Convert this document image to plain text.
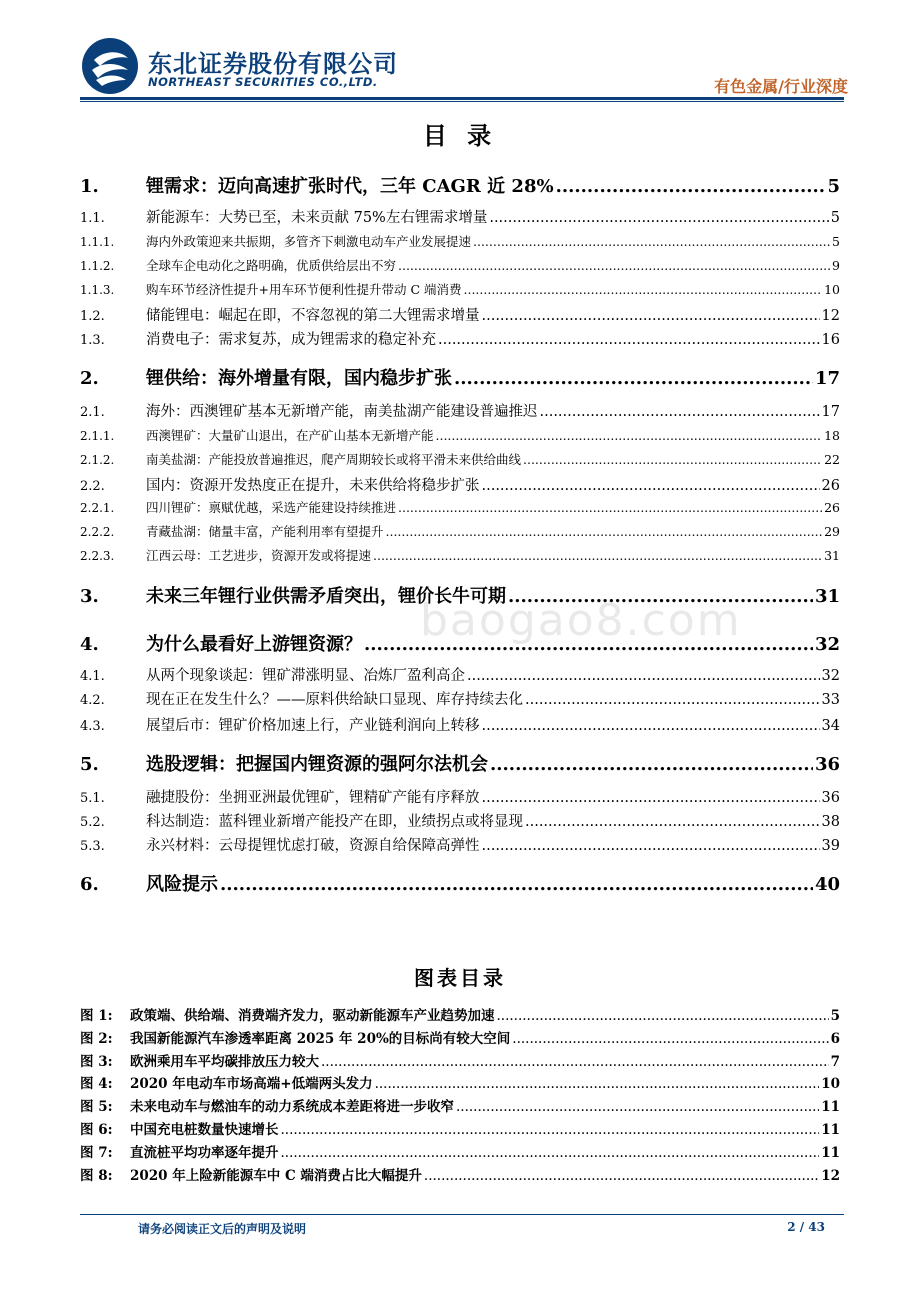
东北证券股份有限公司
NORTHEAST SECURITIES CO.,LTD.	有色金属/行业深度
目 录
1.	锂需求：迈向高速扩张时代，三年 CAGR 近 28% .....	5
1.1.	新能源车：大势已至，未来贡献 75%左右锂需求增量 .....	5
1.1.1.	海内外政策迎来共振期，多管齐下刺激电动车产业发展提速 .....	5
1.1.2.	全球车企电动化之路明确，优质供给层出不穷 .....	9
1.1.3.	购车环节经济性提升+用车环节便利性提升带动 C 端消费 .....	10
1.2.	储能锂电：崛起在即，不容忽视的第二大锂需求增量 .....	12
1.3.	消费电子：需求复苏，成为锂需求的稳定补充 .....	16
2.	锂供给：海外增量有限，国内稳步扩张 .....	17
2.1.	海外：西澳锂矿基本无新增产能，南美盐湖产能建设普遍推迟 .....	17
2.1.1.	西澳锂矿：大量矿山退出，在产矿山基本无新增产能 .....	18
2.1.2.	南美盐湖：产能投放普遍推迟，爬产周期较长或将平滑未来供给曲线 .....	22
2.2.	国内：资源开发热度正在提升，未来供给将稳步扩张 .....	26
2.2.1.	四川锂矿：禀赋优越，采选产能建设持续推进 .....	26
2.2.2.	青藏盐湖：储量丰富，产能利用率有望提升 .....	29
2.2.3.	江西云母：工艺进步，资源开发或将提速 .....	31
3.	未来三年锂行业供需矛盾突出，锂价长牛可期 .....	31
4.	为什么最看好上游锂资源？ .....	32
4.1.	从两个现象谈起：锂矿滞涨明显、冶炼厂盈利高企 .....	32
4.2.	现在正在发生什么？——原料供给缺口显现、库存持续去化 .....	33
4.3.	展望后市：锂矿价格加速上行，产业链利润向上转移 .....	34
5.	选股逻辑：把握国内锂资源的强阿尔法机会 .....	36
5.1.	融捷股份：坐拥亚洲最优锂矿，锂精矿产能有序释放 .....	36
5.2.	科达制造：蓝科锂业新增产能投产在即，业绩拐点或将显现 .....	38
5.3.	永兴材料：云母提锂忧虑打破，资源自给保障高弹性 .....	39
6.	风险提示 .....	40
baogao8.com
图表目录
图 1:	政策端、供给端、消费端齐发力，驱动新能源车产业趋势加速 .....	5
图 2:	我国新能源汽车渗透率距离 2025 年 20%的目标尚有较大空间 .....	6
图 3:	欧洲乘用车平均碳排放压力较大 .....	7
图 4:	2020 年电动车市场高端+低端两头发力 .....	10
图 5:	未来电动车与燃油车的动力系统成本差距将进一步收窄 .....	11
图 6:	中国充电桩数量快速增长 .....	11
图 7:	直流桩平均功率逐年提升 .....	11
图 8:	2020 年上险新能源车中 C 端消费占比大幅提升 .....	12
请务必阅读正文后的声明及说明	2 / 43
